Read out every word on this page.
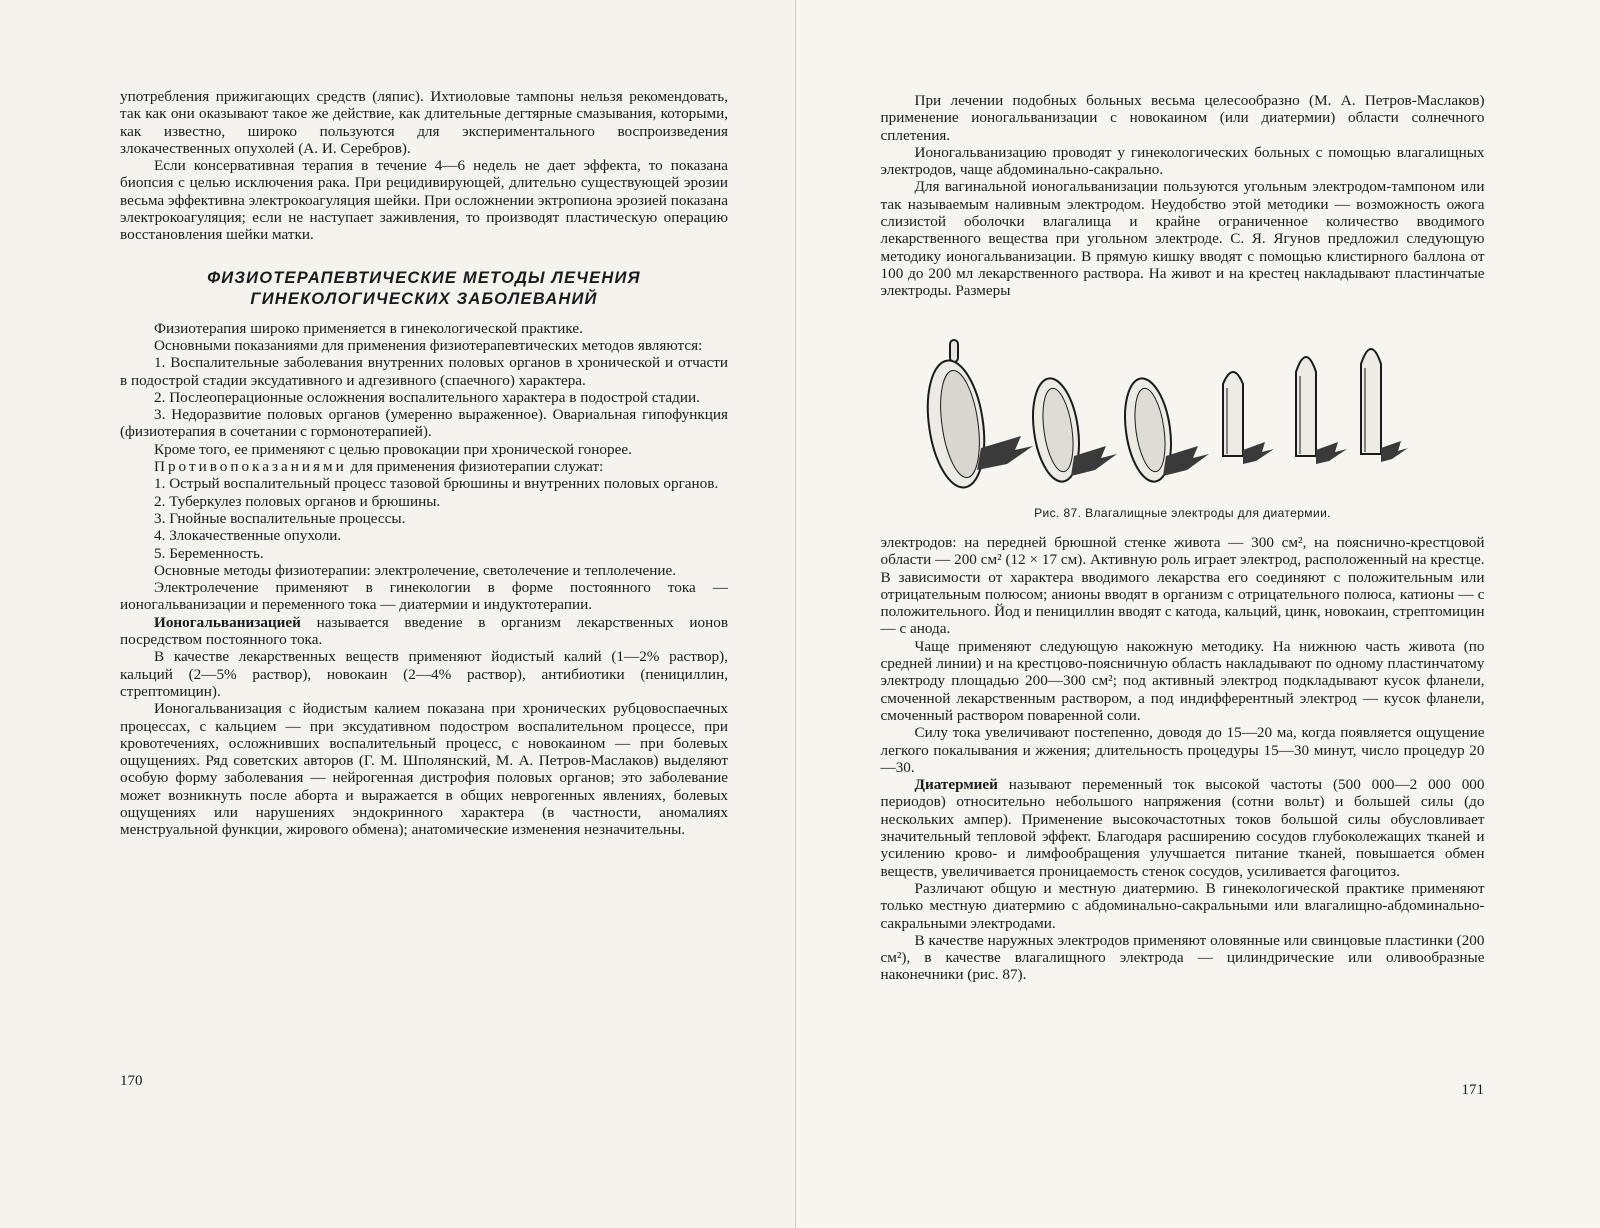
употребления прижигающих средств (ляпис). Ихтиоловые тампоны нельзя рекомендовать, так как они оказывают такое же действие, как длительные дегтярные смазывания, которыми, как известно, широко пользуются для экспериментального воспроизведения злокачественных опухолей (А. И. Серебров).

Если консервативная терапия в течение 4—6 недель не дает эффекта, то показана биопсия с целью исключения рака. При рецидивирующей, длительно существующей эрозии весьма эффективна электрокоагуляция шейки. При осложнении эктропиона эрозией показана электрокоагуляция; если не наступает заживления, то производят пластическую операцию восстановления шейки матки.

ФИЗИОТЕРАПЕВТИЧЕСКИЕ МЕТОДЫ ЛЕЧЕНИЯ
ГИНЕКОЛОГИЧЕСКИХ ЗАБОЛЕВАНИЙ

Физиотерапия широко применяется в гинекологической практике.

Основными показаниями для применения физиотерапевтических методов являются:

1. Воспалительные заболевания внутренних половых органов в хронической и отчасти в подострой стадии эксудативного и адгезивного (спаечного) характера.

2. Послеоперационные осложнения воспалительного характера в подострой стадии.

3. Недоразвитие половых органов (умеренно выраженное). Овариальная гипофункция (физиотерапия в сочетании с гормонотерапией).

Кроме того, ее применяют с целью провокации при хронической гонорее.

Противопоказаниями для применения физиотерапии служат:

1. Острый воспалительный процесс тазовой брюшины и внутренних половых органов.

2. Туберкулез половых органов и брюшины.

3. Гнойные воспалительные процессы.

4. Злокачественные опухоли.

5. Беременность.

Основные методы физиотерапии: электролечение, светолечение и теплолечение.

Электролечение применяют в гинекологии в форме постоянного тока — ионогальванизации и переменного тока — диатермии и индуктотерапии.

Ионогальванизацией называется введение в организм лекарственных ионов посредством постоянного тока.

В качестве лекарственных веществ применяют йодистый калий (1—2% раствор), кальций (2—5% раствор), новокаин (2—4% раствор), антибиотики (пенициллин, стрептомицин).

Ионогальванизация с йодистым калием показана при хронических рубцовоспаечных процессах, с кальцием — при эксудативном подостром воспалительном процессе, при кровотечениях, осложнивших воспалительный процесс, с новокаином — при болевых ощущениях. Ряд советских авторов (Г. М. Шполянский, М. А. Петров-Маслаков) выделяют особую форму заболевания — нейрогенная дистрофия половых органов; это заболевание может возникнуть после аборта и выражается в общих неврогенных явлениях, болевых ощущениях или нарушениях эндокринного характера (в частности, аномалиях менструальной функции, жирового обмена); анатомические изменения незначительны.

170

При лечении подобных больных весьма целесообразно (М. А. Петров-Маслаков) применение ионогальванизации с новокаином (или диатермии) области солнечного сплетения.

Ионогальванизацию проводят у гинекологических больных с помощью влагалищных электродов, чаще абдоминально-сакрально.

Для вагинальной ионогальванизации пользуются угольным электродом-тампоном или так называемым наливным электродом. Неудобство этой методики — возможность ожога слизистой оболочки влагалища и крайне ограниченное количество вводимого лекарственного вещества при угольном электроде. С. Я. Ягунов предложил следующую методику ионогальванизации. В прямую кишку вводят с помощью клистирного баллона от 100 до 200 мл лекарственного раствора. На живот и на крестец накладывают пластинчатые электроды. Размеры

Рис. 87. Влагалищные электроды для диатермии.

электродов: на передней брюшной стенке живота — 300 см², на пояснично-крестцовой области — 200 см² (12 × 17 см). Активную роль играет электрод, расположенный на крестце. В зависимости от характера вводимого лекарства его соединяют с положительным или отрицательным полюсом; анионы вводят в организм с отрицательного полюса, катионы — с положительного. Йод и пенициллин вводят с катода, кальций, цинк, новокаин, стрептомицин — с анода.

Чаще применяют следующую накожную методику. На нижнюю часть живота (по средней линии) и на крестцово-поясничную область накладывают по одному пластинчатому электроду площадью 200—300 см²; под активный электрод подкладывают кусок фланели, смоченной лекарственным раствором, а под индифферентный электрод — кусок фланели, смоченный раствором поваренной соли.

Силу тока увеличивают постепенно, доводя до 15—20 ма, когда появляется ощущение легкого покалывания и жжения; длительность процедуры 15—30 минут, число процедур 20—30.

Диатермией называют переменный ток высокой частоты (500 000—2 000 000 периодов) относительно небольшого напряжения (сотни вольт) и большей силы (до нескольких ампер). Применение высокочастотных токов большой силы обусловливает значительный тепловой эффект. Благодаря расширению сосудов глубоколежащих тканей и усилению крово- и лимфообращения улучшается питание тканей, повышается обмен веществ, увеличивается проницаемость стенок сосудов, усиливается фагоцитоз.

Различают общую и местную диатермию. В гинекологической практике применяют только местную диатермию с абдоминально-сакральными или влагалищно-абдоминально-сакральными электродами.

В качестве наружных электродов применяют оловянные или свинцовые пластинки (200 см²), в качестве влагалищного электрода — цилиндрические или оливообразные наконечники (рис. 87).

171
